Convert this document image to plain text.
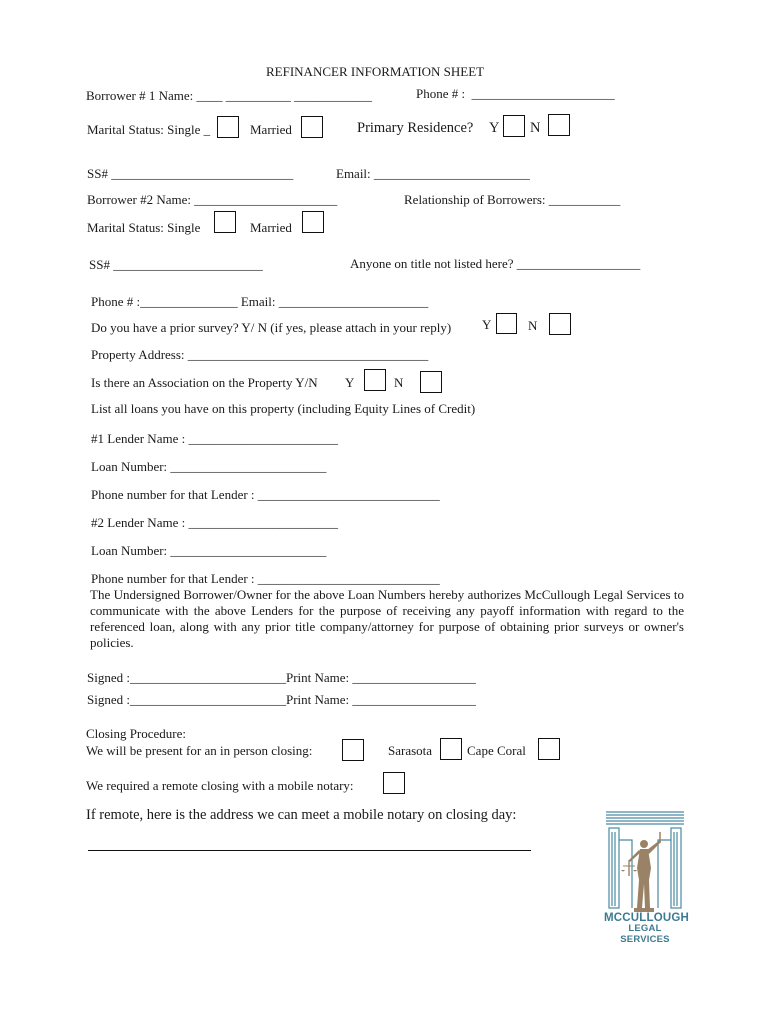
REFINANCER INFORMATION SHEET
Borrower # 1 Name: ____ __________ ____________	Phone # :  ______________________
Marital Status: Single _	Married	Primary Residence? Y N
SS# ____________________________	Email: ________________________
Borrower #2 Name: ______________________	Relationship of Borrowers: ___________
Marital Status: Single	Married
SS# _______________________	Anyone on title not listed here? ___________________
Phone # :_______________ Email: _______________________
Do you have a prior survey? Y/ N (if yes, please attach in your reply) Y	N
Property Address: _____________________________________
Is there an Association on the Property Y/N Y	N
List all loans you have on this property (including Equity Lines of Credit)
#1 Lender Name : _______________________
Loan Number: ________________________
Phone number for that Lender : ____________________________
#2 Lender Name : _______________________
Loan Number: ________________________
Phone number for that Lender : ____________________________
The Undersigned Borrower/Owner for the above Loan Numbers hereby authorizes McCullough Legal Services to communicate with the above Lenders for the purpose of receiving any payoff information with regard to the referenced loan, along with any prior title company/attorney for purpose of obtaining prior surveys or owner's policies.
Signed :________________________Print Name: ___________________
Signed :________________________Print Name: ___________________
Closing Procedure:
We will be present for an in person closing:	Sarasota	Cape Coral
We required a remote closing with a mobile notary:
If remote, here is the address we can meet a mobile notary on closing day:
MCCULLOUGH
LEGAL SERVICES
